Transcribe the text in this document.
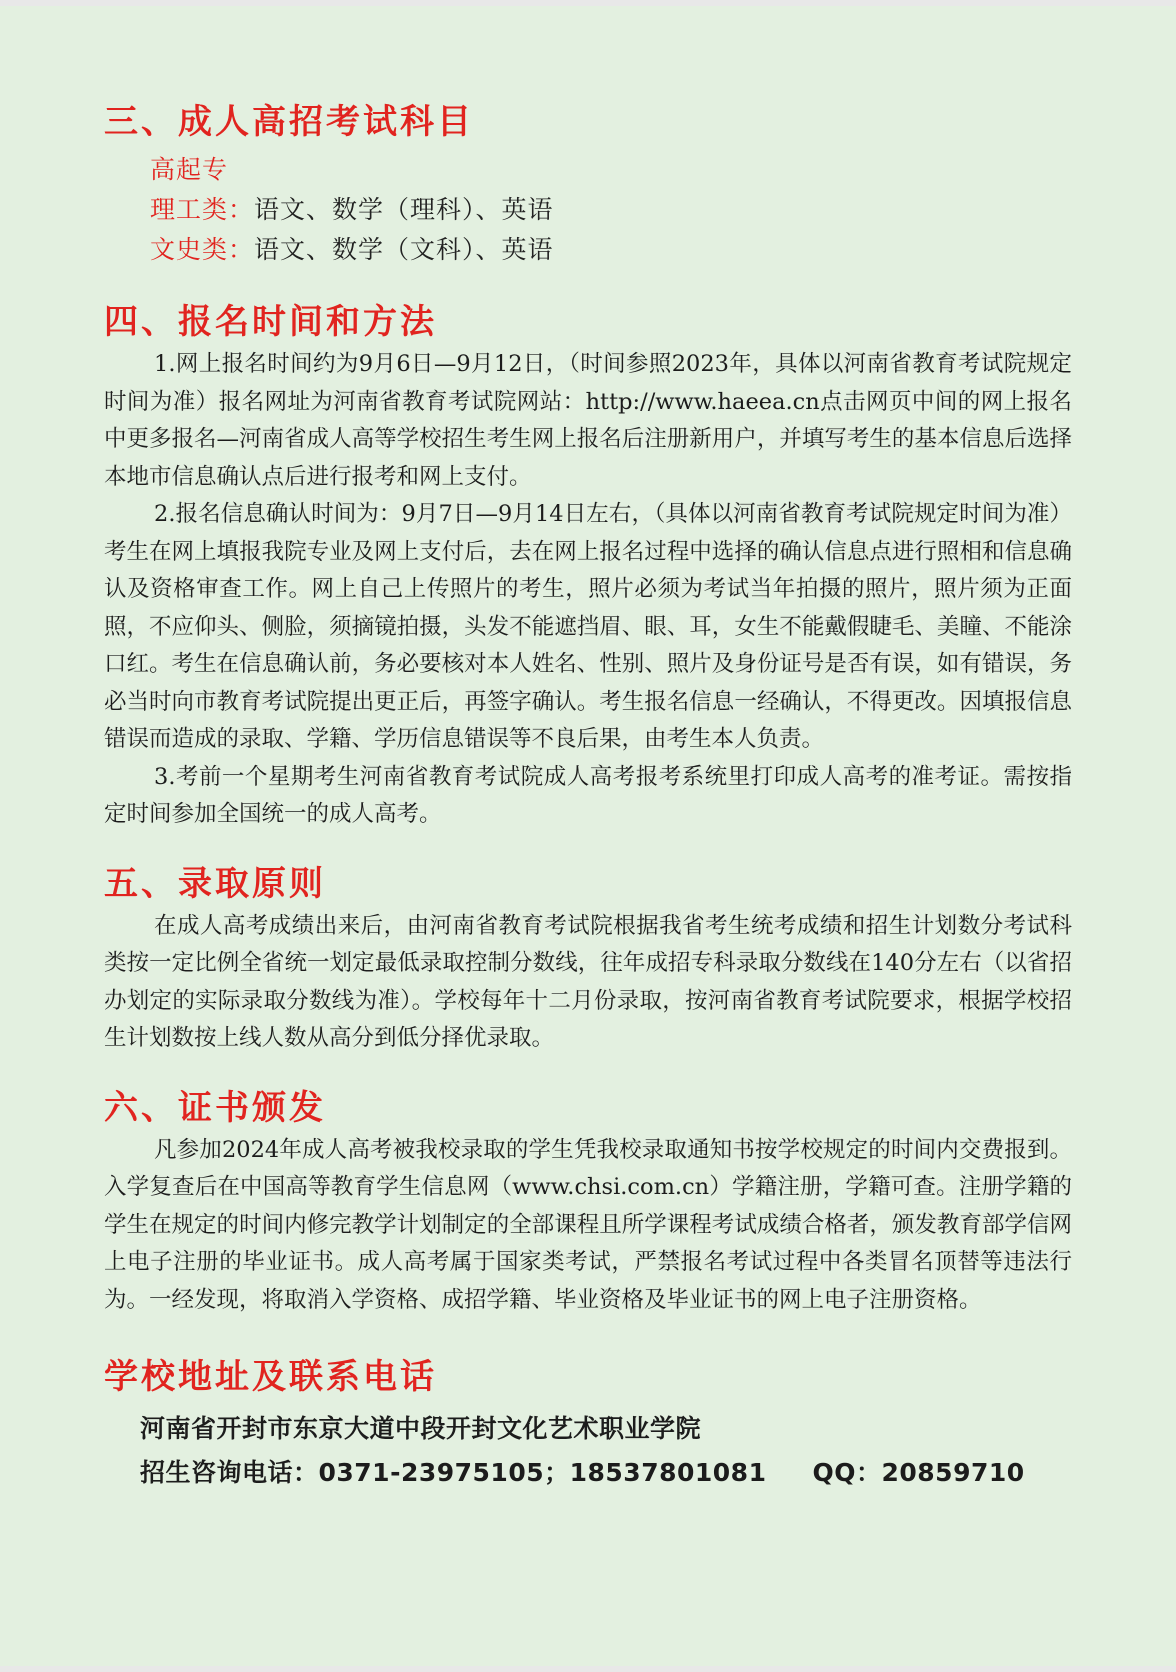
三、成人高招考试科目
高起专
理工类：语文、数学（理科）、英语
文史类：语文、数学（文科）、英语
四、报名时间和方法

1.网上报名时间约为9月6日—9月12日，（时间参照2023年，具体以河南省教育考试院规定时间为准）报名网址为河南省教育考试院网站：http://www.haeea.cn点击网页中间的网上报名中更多报名—河南省成人高等学校招生考生网上报名后注册新用户，并填写考生的基本信息后选择本地市信息确认点后进行报考和网上支付。

2.报名信息确认时间为：9月7日—9月14日左右，（具体以河南省教育考试院规定时间为准）考生在网上填报我院专业及网上支付后，去在网上报名过程中选择的确认信息点进行照相和信息确认及资格审查工作。网上自己上传照片的考生，照片必须为考试当年拍摄的照片，照片须为正面照，不应仰头、侧脸，须摘镜拍摄，头发不能遮挡眉、眼、耳，女生不能戴假睫毛、美瞳、不能涂口红。考生在信息确认前，务必要核对本人姓名、性别、照片及身份证号是否有误，如有错误，务必当时向市教育考试院提出更正后，再签字确认。考生报名信息一经确认，不得更改。因填报信息错误而造成的录取、学籍、学历信息错误等不良后果，由考生本人负责。

3.考前一个星期考生河南省教育考试院成人高考报考系统里打印成人高考的准考证。需按指定时间参加全国统一的成人高考。

五、录取原则

在成人高考成绩出来后，由河南省教育考试院根据我省考生统考成绩和招生计划数分考试科类按一定比例全省统一划定最低录取控制分数线，往年成招专科录取分数线在140分左右（以省招办划定的实际录取分数线为准）。学校每年十二月份录取，按河南省教育考试院要求，根据学校招生计划数按上线人数从高分到低分择优录取。

六、证书颁发

凡参加2024年成人高考被我校录取的学生凭我校录取通知书按学校规定的时间内交费报到。入学复查后在中国高等教育学生信息网（www.chsi.com.cn）学籍注册，学籍可查。注册学籍的学生在规定的时间内修完教学计划制定的全部课程且所学课程考试成绩合格者，颁发教育部学信网上电子注册的毕业证书。成人高考属于国家类考试，严禁报名考试过程中各类冒名顶替等违法行为。一经发现，将取消入学资格、成招学籍、毕业资格及毕业证书的网上电子注册资格。

学校地址及联系电话
河南省开封市东京大道中段开封文化艺术职业学院
招生咨询电话：0371-23975105；18537801081     QQ：20859710
